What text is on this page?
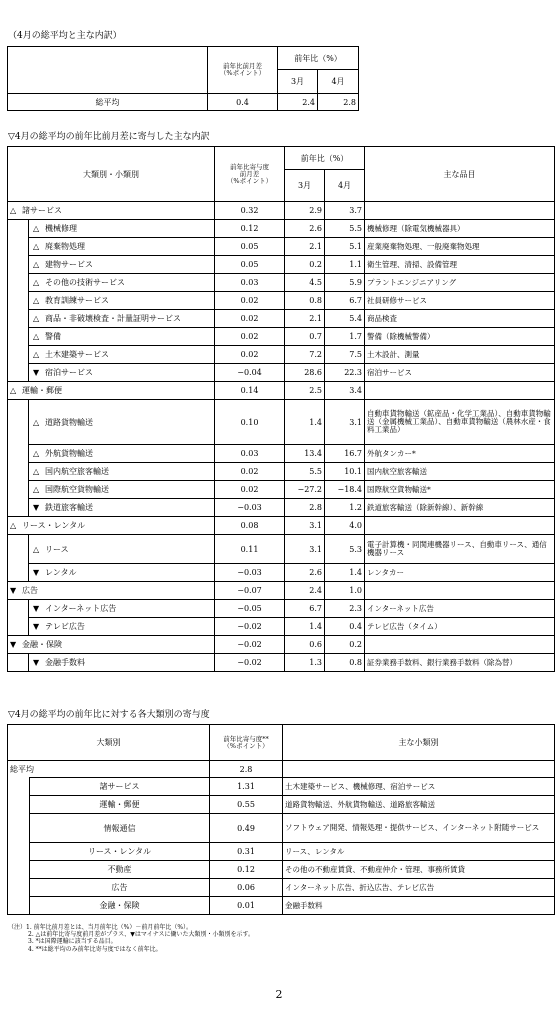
（4月の総平均と主な内訳）
	前年比前月差
（%ポイント）	前年比（%）	
		3月	4月
総平均	0.4	2.4	2.8
▽4月の総平均の前年比前月差に寄与した主な内訳
大類別・小類別		前年比寄与度
前月差
（%ポイント）	前年比（%）		主な品目
			3月	4月	
△ 諸サービス		0.32	2.9	3.7	
	△ 機械修理	0.12	2.6	5.5	機械修理（除電気機械器具）
	△ 廃棄物処理	0.05	2.1	5.1	産業廃棄物処理、一般廃棄物処理
	△ 建物サービス	0.05	0.2	1.1	衛生管理、清掃、設備管理
	△ その他の技術サービス	0.03	4.5	5.9	プラントエンジニアリング
	△ 教育訓練サービス	0.02	0.8	6.7	社員研修サービス
	△ 商品・非破壊検査・計量証明サービス	0.02	2.1	5.4	商品検査
	△ 警備	0.02	0.7	1.7	警備（除機械警備）
	△ 土木建築サービス	0.02	7.2	7.5	土木設計、測量
	▼ 宿泊サービス	−0.04	28.6	22.3	宿泊サービス
△ 運輸・郵便		0.14	2.5	3.4	
	△ 道路貨物輸送	0.10	1.4	3.1	自動車貨物輸送（鉱産品・化学工業品）、自動車貨物輸送（金属機械工業品）、自動車貨物輸送（農林水産・食料工業品）
	△ 外航貨物輸送	0.03	13.4	16.7	外航タンカー*
	△ 国内航空旅客輸送	0.02	5.5	10.1	国内航空旅客輸送
	△ 国際航空貨物輸送	0.02	−27.2	−18.4	国際航空貨物輸送*
	▼ 鉄道旅客輸送	−0.03	2.8	1.2	鉄道旅客輸送（除新幹線）、新幹線
△ リース・レンタル		0.08	3.1	4.0	
	△ リース	0.11	3.1	5.3	電子計算機・同関連機器リース、自動車リース、通信機器リース
	▼ レンタル	−0.03	2.6	1.4	レンタカー
▼ 広告		−0.07	2.4	1.0	
	▼ インターネット広告	−0.05	6.7	2.3	インターネット広告
	▼ テレビ広告	−0.02	1.4	0.4	テレビ広告（タイム）
▼ 金融・保険		−0.02	0.6	0.2	
	▼ 金融手数料	−0.02	1.3	0.8	証券業務手数料、銀行業務手数料（除為替）
▽4月の総平均の前年比に対する各大類別の寄与度
大類別		前年比寄与度**
（%ポイント）	主な小類別
総平均		2.8	
	諸サービス	1.31	土木建築サービス、機械修理、宿泊サービス
	運輸・郵便	0.55	道路貨物輸送、外航貨物輸送、道路旅客輸送
	情報通信	0.49	ソフトウェア開発、情報処理・提供サービス、インターネット附随サービス
	リース・レンタル	0.31	リース、レンタル
	不動産	0.12	その他の不動産賃貸、不動産仲介・管理、事務所賃貸
	広告	0.06	インターネット広告、折込広告、テレビ広告
	金融・保険	0.01	金融手数料
（注）1. 前年比前月差とは、当月前年比（%）－前月前年比（%）。
2. △は前年比寄与度前月差がプラス、▼はマイナスに働いた大類別・小類別を示す。
3. *は国際運輸に該当する品目。
4. **は総平均のみ前年比寄与度ではなく前年比。
2
